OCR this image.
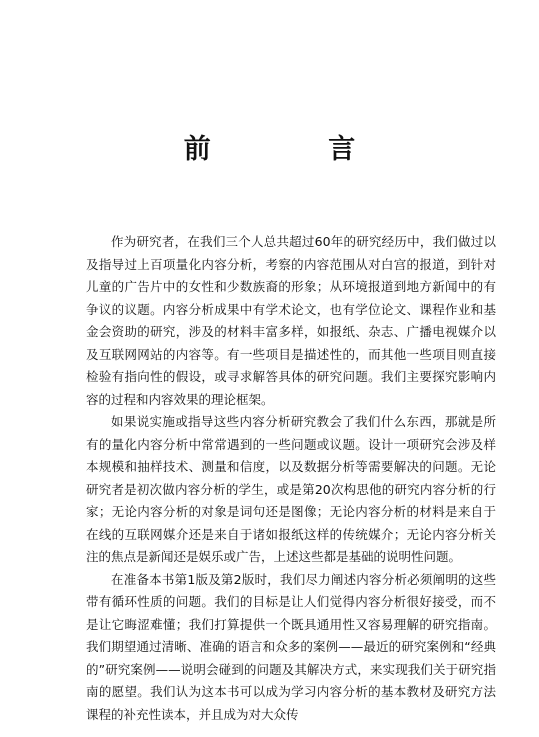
前 言

作为研究者，在我们三个人总共超过60年的研究经历中，我们做过以及指导过上百项量化内容分析，考察的内容范围从对白宫的报道，到针对儿童的广告片中的女性和少数族裔的形象；从环境报道到地方新闻中的有争议的议题。内容分析成果中有学术论文，也有学位论文、课程作业和基金会资助的研究，涉及的材料丰富多样，如报纸、杂志、广播电视媒介以及互联网网站的内容等。有一些项目是描述性的，而其他一些项目则直接检验有指向性的假设，或寻求解答具体的研究问题。我们主要探究影响内容的过程和内容效果的理论框架。

如果说实施或指导这些内容分析研究教会了我们什么东西，那就是所有的量化内容分析中常常遇到的一些问题或议题。设计一项研究会涉及样本规模和抽样技术、测量和信度，以及数据分析等需要解决的问题。无论研究者是初次做内容分析的学生，或是第20次构思他的研究内容分析的行家；无论内容分析的对象是词句还是图像；无论内容分析的材料是来自于在线的互联网媒介还是来自于诸如报纸这样的传统媒介；无论内容分析关注的焦点是新闻还是娱乐或广告，上述这些都是基础的说明性问题。

在准备本书第1版及第2版时，我们尽力阐述内容分析必须阐明的这些带有循环性质的问题。我们的目标是让人们觉得内容分析很好接受，而不是让它晦涩难懂；我们打算提供一个既具通用性又容易理解的研究指南。我们期望通过清晰、准确的语言和众多的案例——最近的研究案例和“经典的”研究案例——说明会碰到的问题及其解决方式，来实现我们关于研究指南的愿望。我们认为这本书可以成为学习内容分析的基本教材及研究方法课程的补充性读本，并且成为对大众传
